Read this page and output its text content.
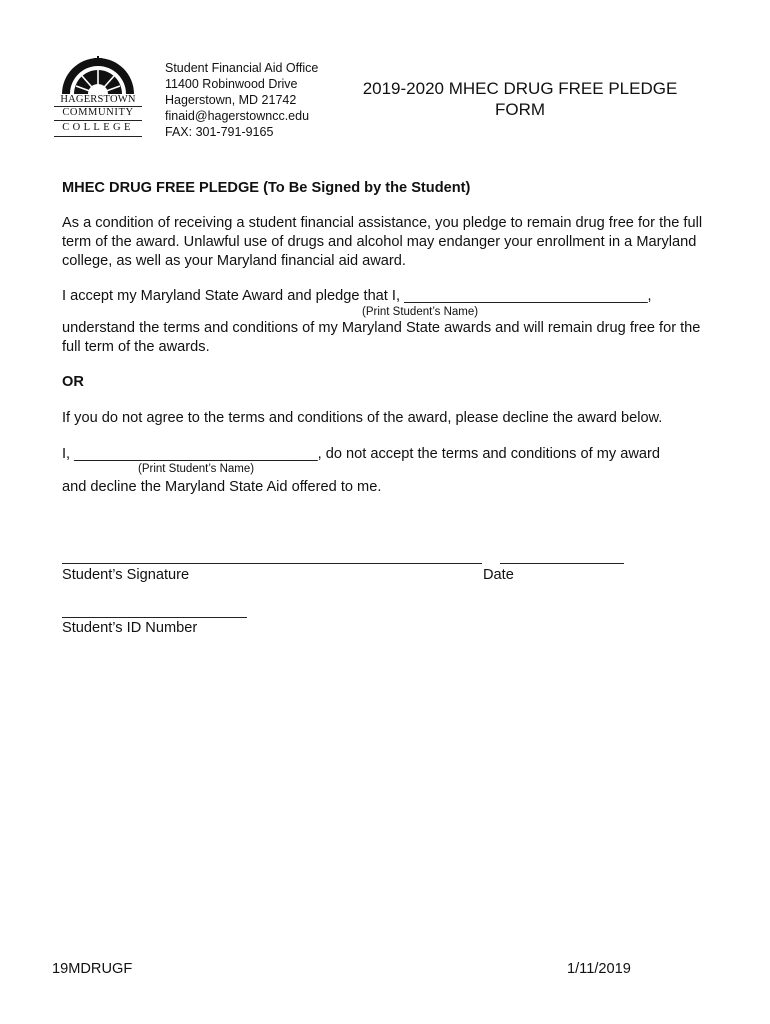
HAGERSTOWN
COMMUNITY
COLLEGE
Student Financial Aid Office
11400 Robinwood Drive
Hagerstown, MD 21742
finaid@hagerstowncc.edu
FAX: 301-791-9165
2019-2020 MHEC DRUG FREE PLEDGE
FORM
MHEC DRUG FREE PLEDGE (To Be Signed by the Student)
As a condition of receiving a student financial assistance, you pledge to remain drug free for the full
term of the award. Unlawful use of drugs and alcohol may endanger your enrollment in a Maryland
college, as well as your Maryland financial aid award.
I accept my Maryland State Award and pledge that I, ______________________________,
(Print Student’s Name)
understand the terms and conditions of my Maryland State awards and will remain drug free for the
full term of the awards.
OR
If you do not agree to the terms and conditions of the award, please decline the award below.
I, ______________________________, do not accept the terms and conditions of my award
(Print Student’s Name)
and decline the Maryland State Aid offered to me.
Student’s Signature	Date
Student’s ID Number
19MDRUGF	1/11/2019
